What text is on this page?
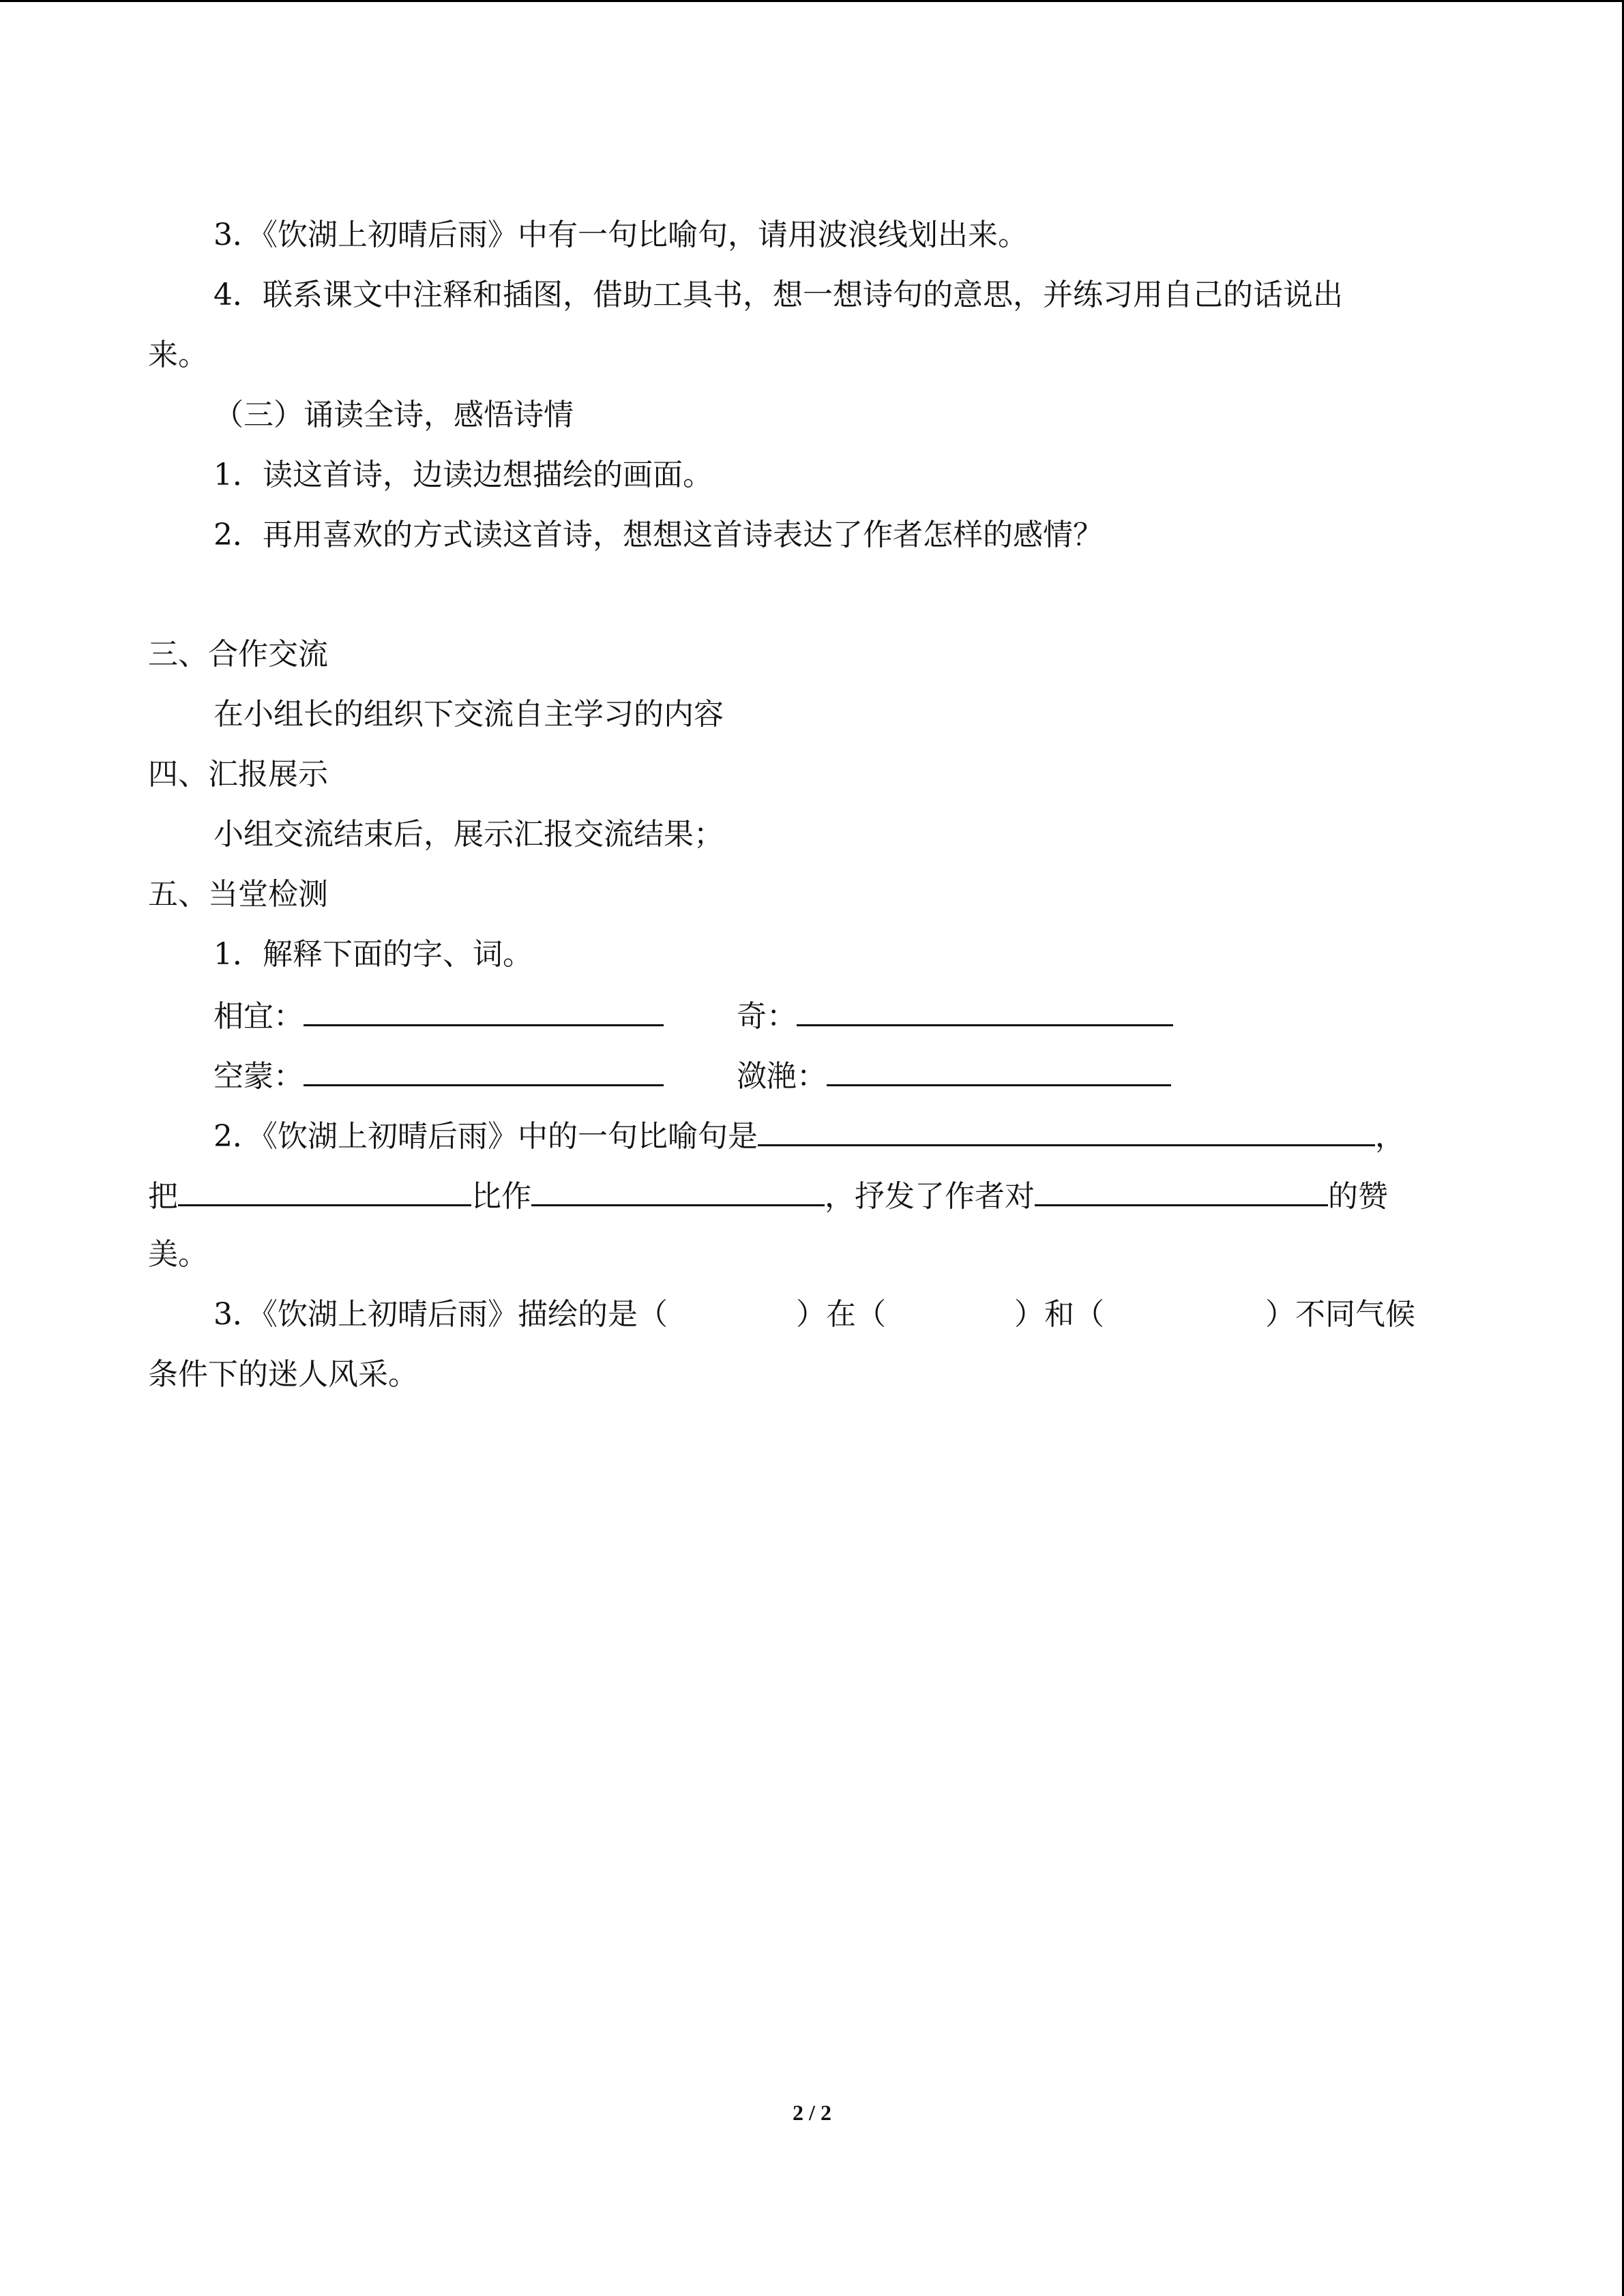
3．《饮湖上初晴后雨》中有一句比喻句，请用波浪线划出来。
4．联系课文中注释和插图，借助工具书，想一想诗句的意思，并练习用自己的话说出
来。
（三）诵读全诗，感悟诗情
1．读这首诗，边读边想描绘的画面。
2．再用喜欢的方式读这首诗，想想这首诗表达了作者怎样的感情？
三、合作交流
在小组长的组织下交流自主学习的内容
四、汇报展示
小组交流结束后，展示汇报交流结果；
五、当堂检测
1．解释下面的字、词。
相宜：	奇：
空蒙：	潋滟：
2．《饮湖上初晴后雨》中的一句比喻句是	，
把	比作	，抒发了作者对	的赞
美。
3．《饮湖上初晴后雨》描绘的是（	）在（	）和（	）不同气候
条件下的迷人风采。
2 / 2
